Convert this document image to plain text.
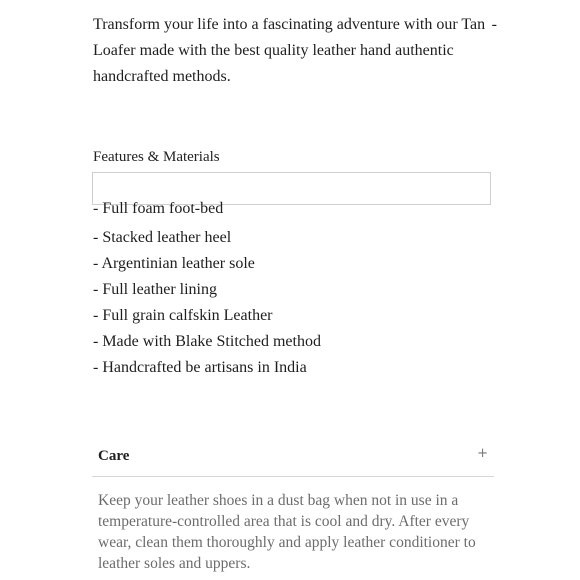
Transform your life into a fascinating adventure with our Tan Loafer made with the best quality leather hand authentic handcrafted methods.
-
Features & Materials
- Full foam foot-bed
- Stacked leather heel
- Argentinian leather sole
- Full leather lining
- Full grain calfskin Leather
- Made with Blake Stitched method
- Handcrafted be artisans in India
Care	+
Keep your leather shoes in a dust bag when not in use in a temperature-controlled area that is cool and dry. After every wear, clean them thoroughly and apply leather conditioner to leather soles and uppers.
